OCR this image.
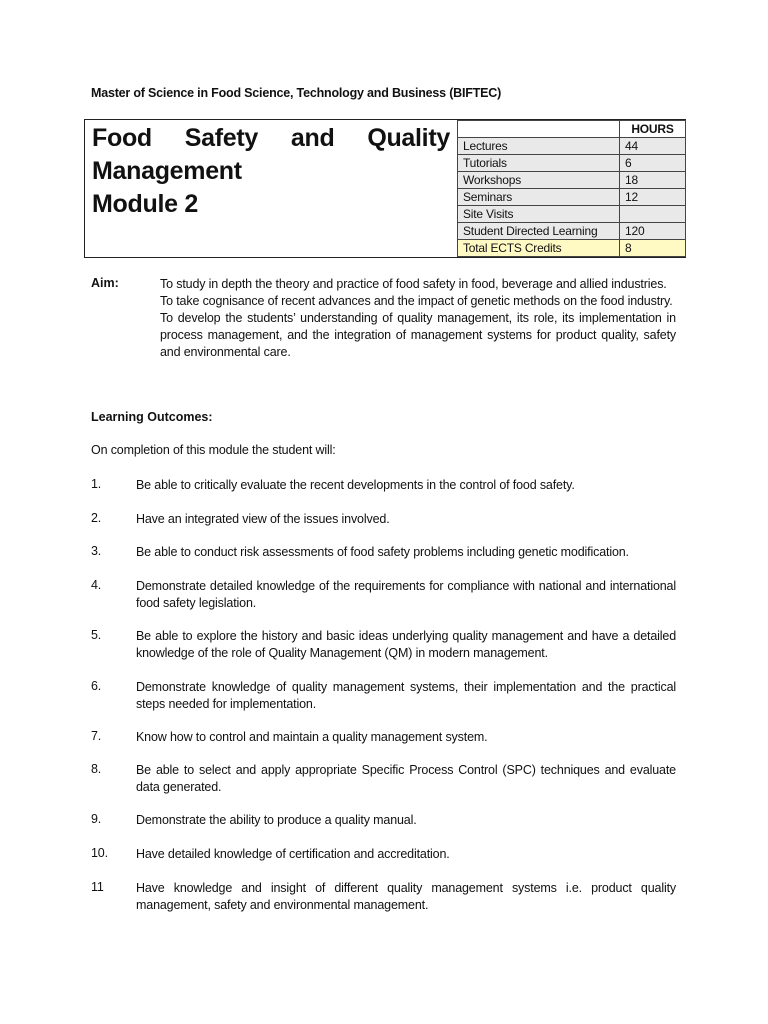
Master of Science in Food Science, Technology and Business (BIFTEC)
Food Safety and Quality
Management
Module 2
	HOURS
Lectures	44
Tutorials	6
Workshops	18
Seminars	12
Site Visits	
Student Directed Learning	120
Total ECTS Credits	8
Aim:	To study in depth the theory and practice of food safety in food, beverage and allied industries.

To take cognisance of recent advances and the impact of genetic methods on the food industry.

To develop the students’ understanding of quality management, its role, its implementation in process management, and the integration of management systems for product quality, safety and environmental care.

Learning Outcomes:
On completion of this module the student will:
1.	Be able to critically evaluate the recent developments in the control of food safety.
2.	Have an integrated view of the issues involved.
3.	Be able to conduct risk assessments of food safety problems including genetic modification.
4.	Demonstrate detailed knowledge of the requirements for compliance with national and international food safety legislation.
5.	Be able to explore the history and basic ideas underlying quality management and have a detailed knowledge of the role of Quality Management (QM) in modern management.
6.	Demonstrate knowledge of quality management systems, their implementation and the practical steps needed for implementation.
7.	Know how to control and maintain a quality management system.
8.	Be able to select and apply appropriate Specific Process Control (SPC) techniques and evaluate data generated.
9.	Demonstrate the ability to produce a quality manual.
10. Have detailed knowledge of certification and accreditation.
11	Have knowledge and insight of different quality management systems i.e. product quality management, safety and environmental management.
